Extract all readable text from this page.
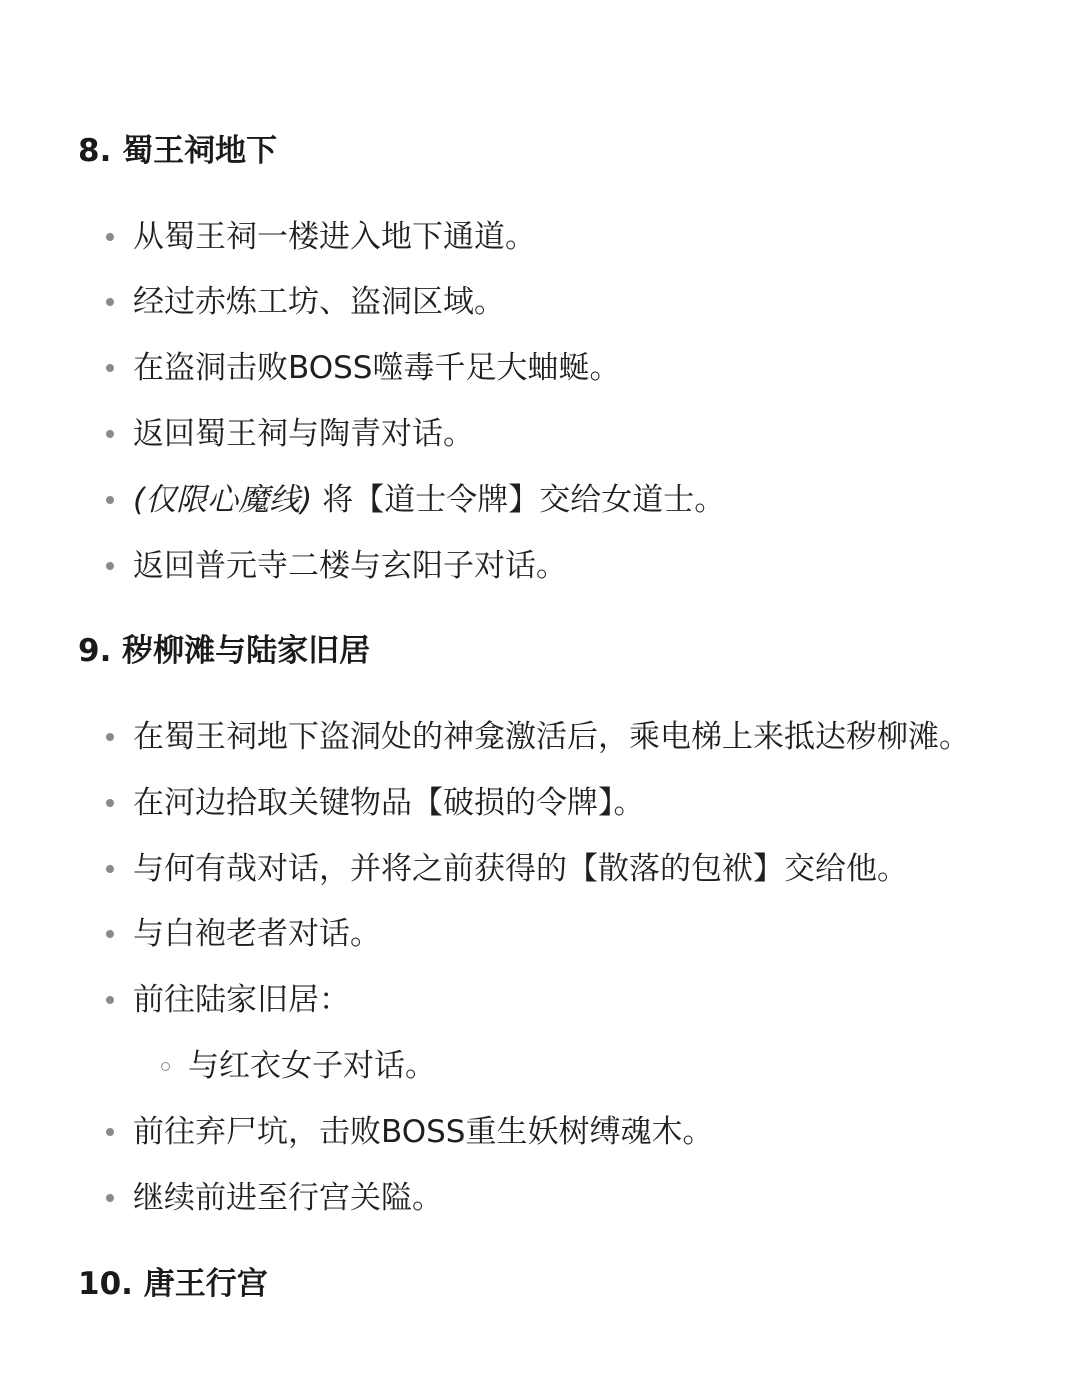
8. 蜀王祠地下
从蜀王祠一楼进入地下通道。
经过赤炼工坊、盗洞区域。
在盗洞击败BOSS噬毒千足大蚰蜒。
返回蜀王祠与陶青对话。
(仅限心魔线) 将【道士令牌】交给女道士。
返回普元寺二楼与玄阳子对话。
9. 秽柳滩与陆家旧居
在蜀王祠地下盗洞处的神龛激活后，乘电梯上来抵达秽柳滩。
在河边拾取关键物品【破损的令牌】。
与何有哉对话，并将之前获得的【散落的包袱】交给他。
与白袍老者对话。
前往陆家旧居：
与红衣女子对话。
前往弃尸坑，击败BOSS重生妖树缚魂木。
继续前进至行宫关隘。
10. 唐王行宫
